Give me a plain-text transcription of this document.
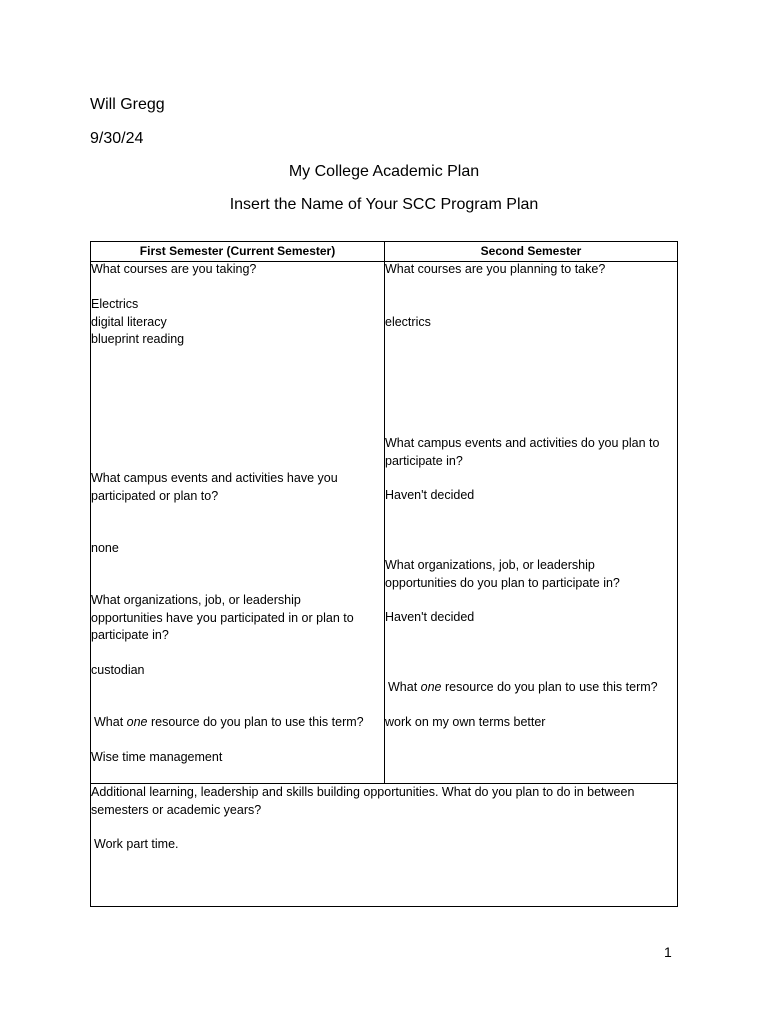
Will Gregg
9/30/24
My College Academic Plan
Insert the Name of Your SCC Program Plan
First Semester (Current Semester)	Second Semester
What courses are you taking?
Electrics
digital literacy
blueprint reading
What campus events and activities have you participated or plan to?
none
What organizations, job, or leadership opportunities have you participated in or plan to participate in?
custodian
What one resource do you plan to use this term?
Wise time management
What courses are you planning to take?
electrics
What campus events and activities do you plan to participate in?
Haven't decided
What organizations, job, or leadership opportunities do you plan to participate in?
Haven't decided
What one resource do you plan to use this term?
work on my own terms better
Additional learning, leadership and skills building opportunities. What do you plan to do in between semesters or academic years?
Work part time.
1
